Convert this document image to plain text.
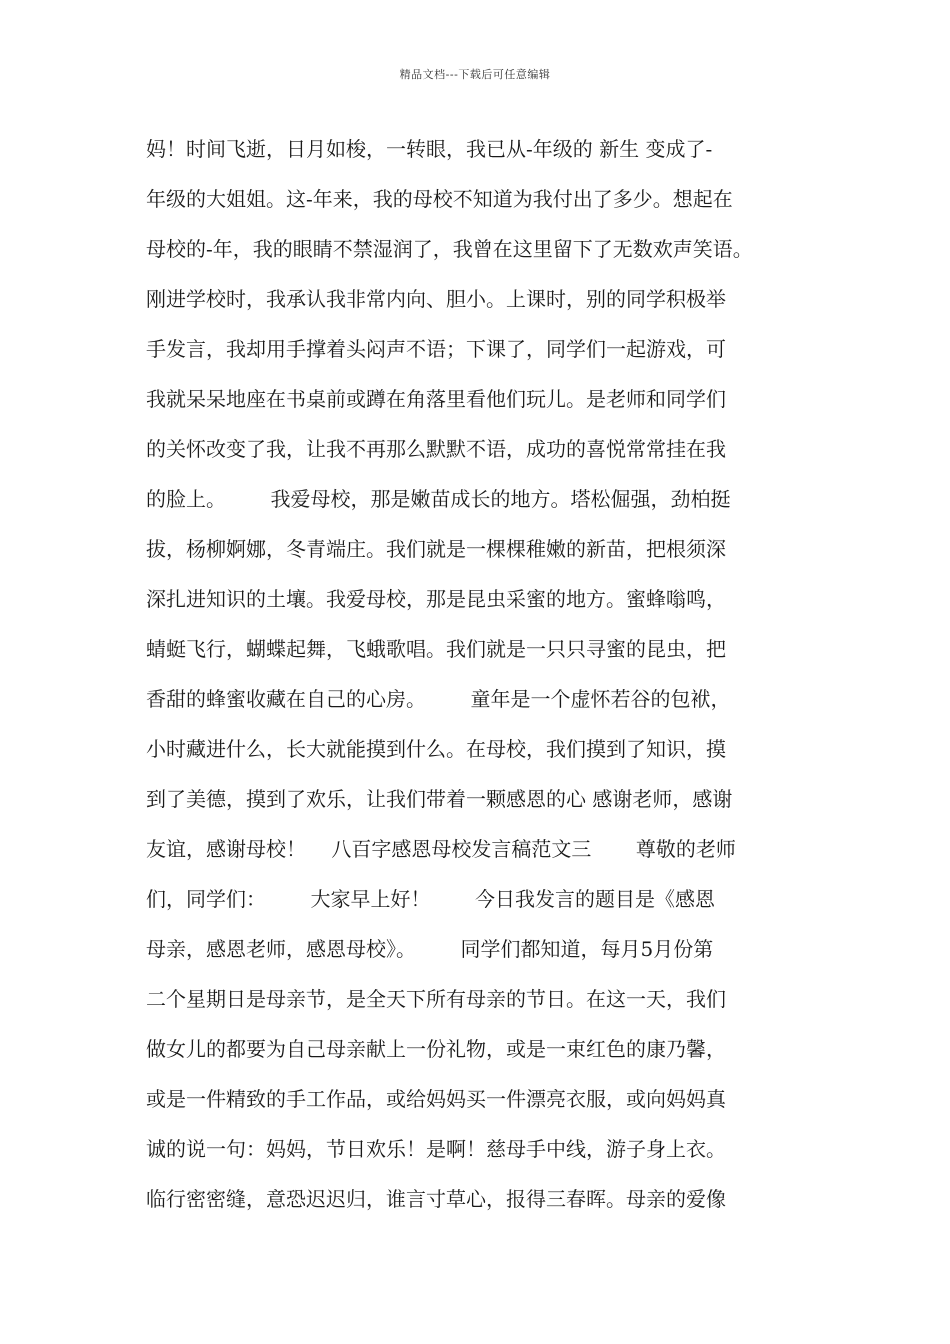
精品文档---下载后可任意编辑
妈！时间飞逝，日月如梭，一转眼，我已从-年级的 新生 变成了-
年级的大姐姐。这-年来，我的母校不知道为我付出了多少。想起在
母校的-年，我的眼睛不禁湿润了，我曾在这里留下了无数欢声笑语。
刚进学校时，我承认我非常内向、胆小。上课时，别的同学积极举
手发言，我却用手撑着头闷声不语；下课了，同学们一起游戏，可
我就呆呆地座在书桌前或蹲在角落里看他们玩儿。是老师和同学们
的关怀改变了我，让我不再那么默默不语，成功的喜悦常常挂在我
的脸上。       我爱母校，那是嫩苗成长的地方。塔松倔强，劲柏挺
拔，杨柳婀娜，冬青端庄。我们就是一棵棵稚嫩的新苗，把根须深
深扎进知识的土壤。我爱母校，那是昆虫采蜜的地方。蜜蜂嗡鸣，
蜻蜓飞行，蝴蝶起舞，飞蛾歌唱。我们就是一只只寻蜜的昆虫，把
香甜的蜂蜜收藏在自己的心房。       童年是一个虚怀若谷的包袱，
小时藏进什么，长大就能摸到什么。在母校，我们摸到了知识，摸
到了美德，摸到了欢乐，让我们带着一颗感恩的心 感谢老师，感谢
友谊，感谢母校！    八百字感恩母校发言稿范文三       尊敬的老师
们，同学们：       大家早上好！       今日我发言的题目是《感恩
母亲，感恩老师，感恩母校》。       同学们都知道，每月5月份第
二个星期日是母亲节，是全天下所有母亲的节日。在这一天，我们
做女儿的都要为自己母亲献上一份礼物，或是一束红色的康乃馨，
或是一件精致的手工作品，或给妈妈买一件漂亮衣服，或向妈妈真
诚的说一句：妈妈，节日欢乐！是啊！慈母手中线，游子身上衣。
临行密密缝，意恐迟迟归，谁言寸草心，报得三春晖。母亲的爱像
